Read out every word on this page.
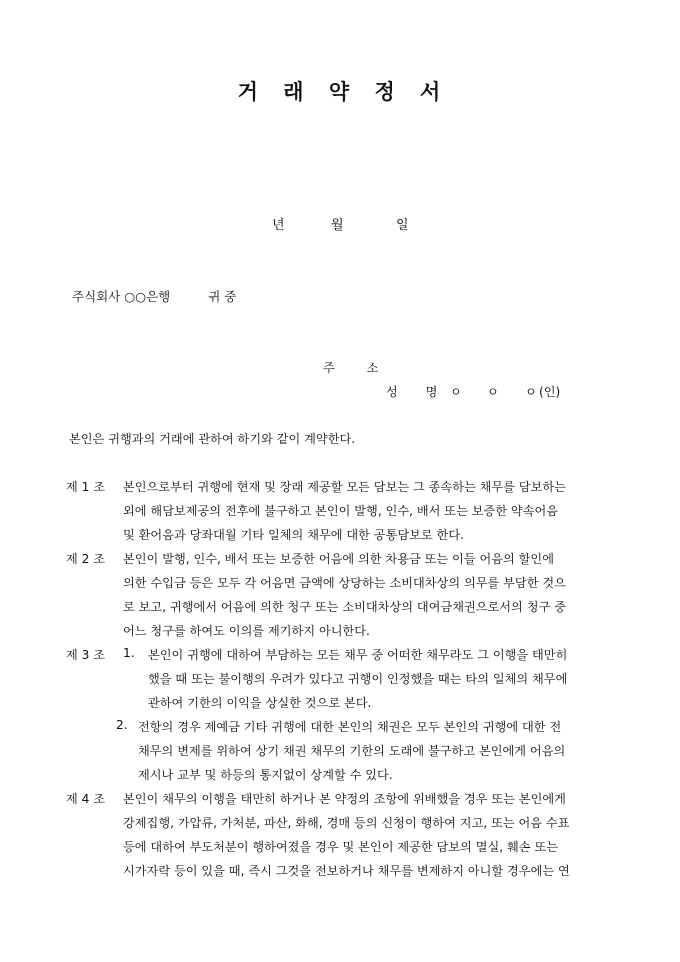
거 래 약 정 서
년	월	일
주식회사 ○○은행	귀 중
주 소
성 명 ㅇ ㅇ ㅇ (인)
본인은 귀행과의 거래에 관하여 하기와 같이 계약한다.
제 1 조 본인으로부터 귀행에 현재 및 장래 제공할 모든 담보는 그 종속하는 채무를 담보하는
외에 해담보제공의 전후에 불구하고 본인이 발행, 인수, 배서 또는 보증한 약속어음
및 환어음과 당좌대월 기타 일체의 채무에 대한 공통담보로 한다.
제 2 조 본인이 발행, 인수, 배서 또는 보증한 어음에 의한 차용금 또는 이들 어음의 할인에
의한 수입금 등은 모두 각 어음면 금액에 상당하는 소비대차상의 의무를 부담한 것으
로 보고, 귀행에서 어음에 의한 청구 또는 소비대차상의 대여금채권으로서의 청구 중
어느 청구를 하여도 이의를 제기하지 아니한다.
제 3 조 1. 본인이 귀행에 대하여 부담하는 모든 채무 중 어떠한 채무라도 그 이행을 태만히
했을 때 또는 불이행의 우려가 있다고 귀행이 인정했을 때는 타의 일체의 채무에
관하여 기한의 이익을 상실한 것으로 본다.
2. 전항의 경우 제예금 기타 귀행에 대한 본인의 채권은 모두 본인의 귀행에 대한 전
채무의 변제를 위하여 상기 채권 채무의 기한의 도래에 불구하고 본인에게 어음의
제시나 교부 및 하등의 통지없이 상계할 수 있다.
제 4 조 본인이 채무의 이행을 태만히 하거나 본 약정의 조항에 위배했을 경우 또는 본인에게
강제집행, 가압류, 가처분, 파산, 화해, 경매 등의 신청이 행하여 지고, 또는 어음 수표
등에 대하여 부도처분이 행하여졌을 경우 및 본인이 제공한 담보의 멸실, 훼손 또는
시가자락 등이 있을 때, 즉시 그것을 전보하거나 채무를 변제하지 아니할 경우에는 연
